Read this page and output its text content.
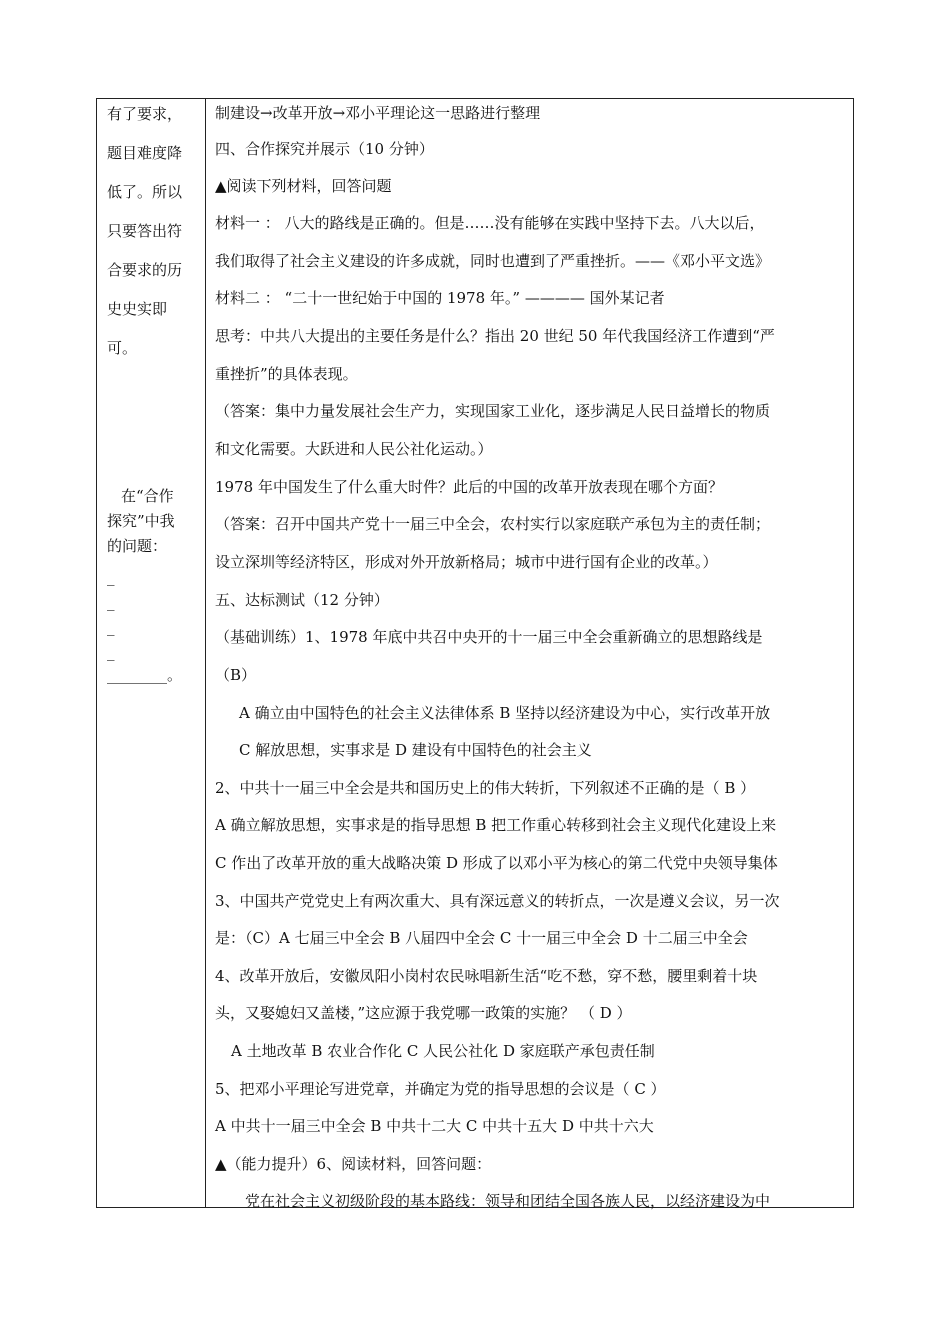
有了要求，
题目难度降
低了。所以
只要答出符
合要求的历
史史实即
可。
在“合作
探究”中我
的问题：
_
_
_
_
________。
制建设→改革开放→邓小平理论这一思路进行整理
四、合作探究并展示（10 分钟）
▲阅读下列材料，回答问题
材料一 ： 八大的路线是正确的。但是……没有能够在实践中坚持下去。八大以后，
我们取得了社会主义建设的许多成就，同时也遭到了严重挫折。——《邓小平文选》
材料二 ： “二十一世纪始于中国的 1978 年。” ———— 国外某记者
思考：中共八大提出的主要任务是什么？指出 20 世纪 50 年代我国经济工作遭到“严
重挫折”的具体表现。
（答案：集中力量发展社会生产力，实现国家工业化，逐步满足人民日益增长的物质
和文化需要。大跃进和人民公社化运动。）
1978 年中国发生了什么重大时件？此后的中国的改革开放表现在哪个方面？
（答案：召开中国共产党十一届三中全会，农村实行以家庭联产承包为主的责任制；
设立深圳等经济特区，形成对外开放新格局；城市中进行国有企业的改革。）
五、达标测试（12 分钟）
（基础训练）1、1978 年底中共召中央开的十一届三中全会重新确立的思想路线是
（B）
A 确立由中国特色的社会主义法律体系 B 坚持以经济建设为中心，实行改革开放
C 解放思想，实事求是 D 建设有中国特色的社会主义
2、中共十一届三中全会是共和国历史上的伟大转折，下列叙述不正确的是（ B ）
A 确立解放思想，实事求是的指导思想 B 把工作重心转移到社会主义现代化建设上来
C 作出了改革开放的重大战略决策 D 形成了以邓小平为核心的第二代党中央领导集体
3、中国共产党党史上有两次重大、具有深远意义的转折点，一次是遵义会议，另一次
是：（C）A 七届三中全会 B 八届四中全会 C 十一届三中全会 D 十二届三中全会
4、改革开放后，安徽凤阳小岗村农民咏唱新生活“吃不愁，穿不愁，腰里剩着十块
头，又娶媳妇又盖楼，”这应源于我党哪一政策的实施？ （ D ）
A 土地改革 B 农业合作化 C 人民公社化 D 家庭联产承包责任制
5、把邓小平理论写进党章，并确定为党的指导思想的会议是（ C ）
A 中共十一届三中全会 B 中共十二大 C 中共十五大 D 中共十六大
▲（能力提升）6、阅读材料，回答问题：
党在社会主义初级阶段的基本路线：领导和团结全国各族人民，以经济建设为中
